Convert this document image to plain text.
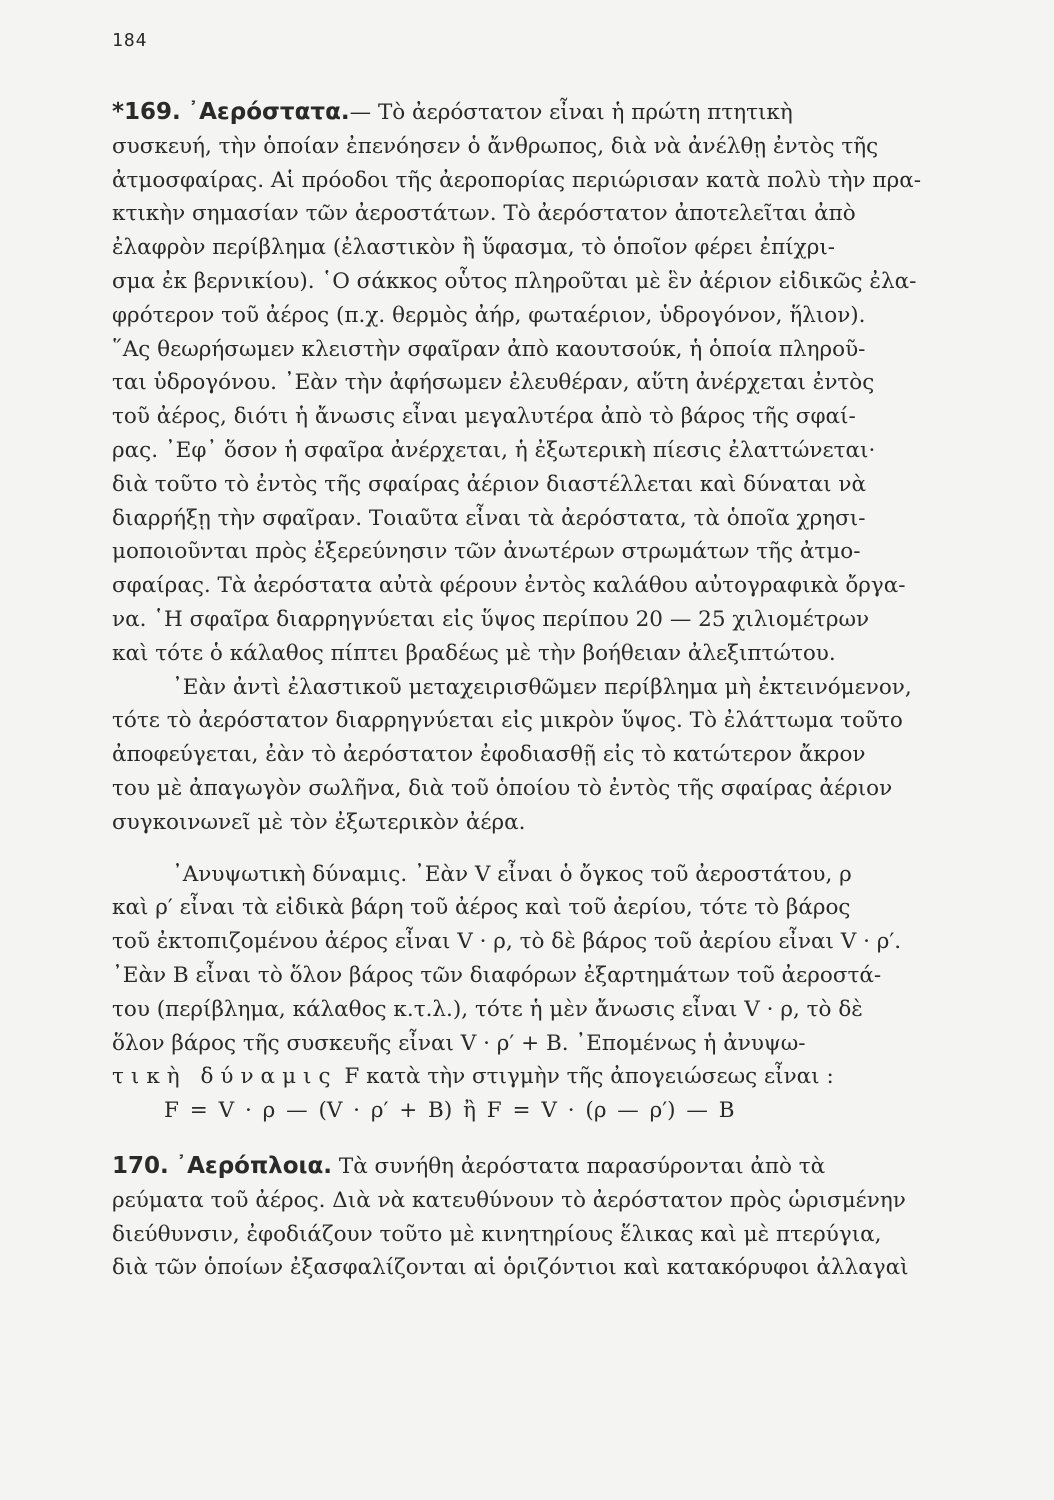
184
*169. ᾿Αερόστατα.— Τὸ ἀερόστατον εἶναι ἡ πρώτη πτητικὴ
συσκευή, τὴν ὁποίαν ἐπενόησεν ὁ ἄνθρωπος, διὰ νὰ ἀνέλθῃ ἐντὸς τῆς
ἀτμοσφαίρας. Αἱ πρόοδοι τῆς ἀεροπορίας περιώρισαν κατὰ πολὺ τὴν πρα-
κτικὴν σημασίαν τῶν ἀεροστάτων. Τὸ ἀερόστατον ἀποτελεῖται ἀπὸ
ἐλαφρὸν περίβλημα (ἐλαστικὸν ἢ ὕφασμα, τὸ ὁποῖον φέρει ἐπίχρι-
σμα ἐκ βερνικίου). ῾Ο σάκκος οὗτος πληροῦται μὲ ἓν ἀέριον εἰδικῶς ἐλα-
φρότερον τοῦ ἀέρος (π.χ. θερμὸς ἀήρ, φωταέριον, ὑδρογόνον, ἥλιον).
῞Ας θεωρήσωμεν κλειστὴν σφαῖραν ἀπὸ καουτσούκ, ἡ ὁποία πληροῦ-
ται ὑδρογόνου. ᾿Εὰν τὴν ἀφήσωμεν ἐλευθέραν, αὕτη ἀνέρχεται ἐντὸς
τοῦ ἀέρος, διότι ἡ ἄνωσις εἶναι μεγαλυτέρα ἀπὸ τὸ βάρος τῆς σφαί-
ρας. ᾿Εφ᾿ ὅσον ἡ σφαῖρα ἀνέρχεται, ἡ ἐξωτερικὴ πίεσις ἐλαττώνεται·
διὰ τοῦτο τὸ ἐντὸς τῆς σφαίρας ἀέριον διαστέλλεται καὶ δύναται νὰ
διαρρήξῃ τὴν σφαῖραν. Τοιαῦτα εἶναι τὰ ἀερόστατα, τὰ ὁποῖα χρησι-
μοποιοῦνται πρὸς ἐξερεύνησιν τῶν ἀνωτέρων στρωμάτων τῆς ἀτμο-
σφαίρας. Τὰ ἀερόστατα αὐτὰ φέρουν ἐντὸς καλάθου αὐτογραφικὰ ὄργα-
να. ῾Η σφαῖρα διαρρηγνύεται εἰς ὕψος περίπου 20 — 25 χιλιομέτρων
καὶ τότε ὁ κάλαθος πίπτει βραδέως μὲ τὴν βοήθειαν ἀλεξιπτώτου.
᾿Εὰν ἀντὶ ἐλαστικοῦ μεταχειρισθῶμεν περίβλημα μὴ ἐκτεινόμενον,
τότε τὸ ἀερόστατον διαρρηγνύεται εἰς μικρὸν ὕψος. Τὸ ἐλάττωμα τοῦτο
ἀποφεύγεται, ἐὰν τὸ ἀερόστατον ἐφοδιασθῇ εἰς τὸ κατώτερον ἄκρον
του μὲ ἀπαγωγὸν σωλῆνα, διὰ τοῦ ὁποίου τὸ ἐντὸς τῆς σφαίρας ἀέριον
συγκοινωνεῖ μὲ τὸν ἐξωτερικὸν ἀέρα.
᾿Ανυψωτικὴ δύναμις. ᾿Εὰν V εἶναι ὁ ὄγκος τοῦ ἀεροστάτου, ρ
καὶ ρ′ εἶναι τὰ εἰδικὰ βάρη τοῦ ἀέρος καὶ τοῦ ἀερίου, τότε τὸ βάρος
τοῦ ἐκτοπιζομένου ἀέρος εἶναι V · ρ, τὸ δὲ βάρος τοῦ ἀερίου εἶναι V · ρ′.
᾿Εὰν B εἶναι τὸ ὅλον βάρος τῶν διαφόρων ἐξαρτημάτων τοῦ ἀεροστά-
του (περίβλημα, κάλαθος κ.τ.λ.), τότε ἡ μὲν ἄνωσις εἶναι V · ρ, τὸ δὲ
ὅλον βάρος τῆς συσκευῆς εἶναι V · ρ′ + B. ᾿Επομένως ἡ ἀνυψω-
τικὴ δύναμις F κατὰ τὴν στιγμὴν τῆς ἀπογειώσεως εἶναι :
F = V · ρ — (V · ρ′ + B) ἢ F = V · (ρ — ρ′) — B
170. ᾿Αερόπλοια. Τὰ συνήθη ἀερόστατα παρασύρονται ἀπὸ τὰ
ρεύματα τοῦ ἀέρος. Διὰ νὰ κατευθύνουν τὸ ἀερόστατον πρὸς ὡρισμένην
διεύθυνσιν, ἐφοδιάζουν τοῦτο μὲ κινητηρίους ἕλικας καὶ μὲ πτερύγια,
διὰ τῶν ὁποίων ἐξασφαλίζονται αἱ ὁριζόντιοι καὶ κατακόρυφοι ἀλλαγαὶ
